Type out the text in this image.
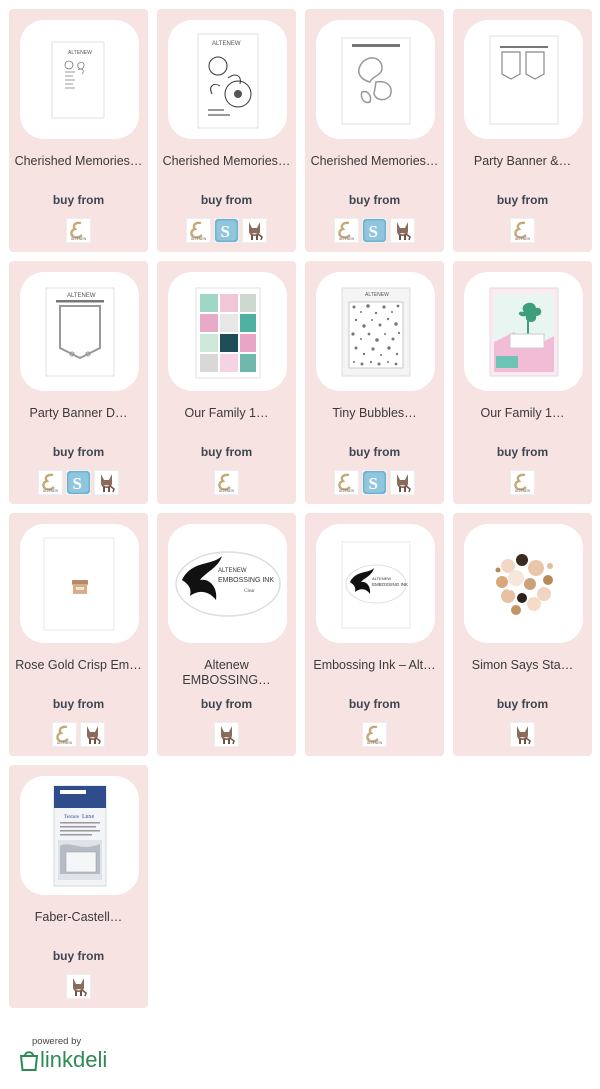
ALTENEW
Cherished Memories…
buy from
ALTENEW
ALTENEW
Cherished Memories…
buy from
ALTENEW S
Cherished Memories…
buy from
ALTENEW S
Party Banner &…
buy from
ALTENEW
ALTENEW
Party Banner D…
buy from
ALTENEW S
Our Family 1…
buy from
ALTENEW
ALTENEW
Tiny Bubbles…
buy from
ALTENEW S
Our Family 1…
buy from
ALTENEW
Rose Gold Crisp Em…
buy from
ALTENEW
ALTENEW
EMBOSSING INK
Clear
Altenew EMBOSSING…
buy from
ALTENEW
EMBOSSING INK
Embossing Ink – Alt…
buy from
ALTENEW
Simon Says Sta…
buy from
Texture Luxe
Faber-Castell…
buy from
powered by
linkdeli
